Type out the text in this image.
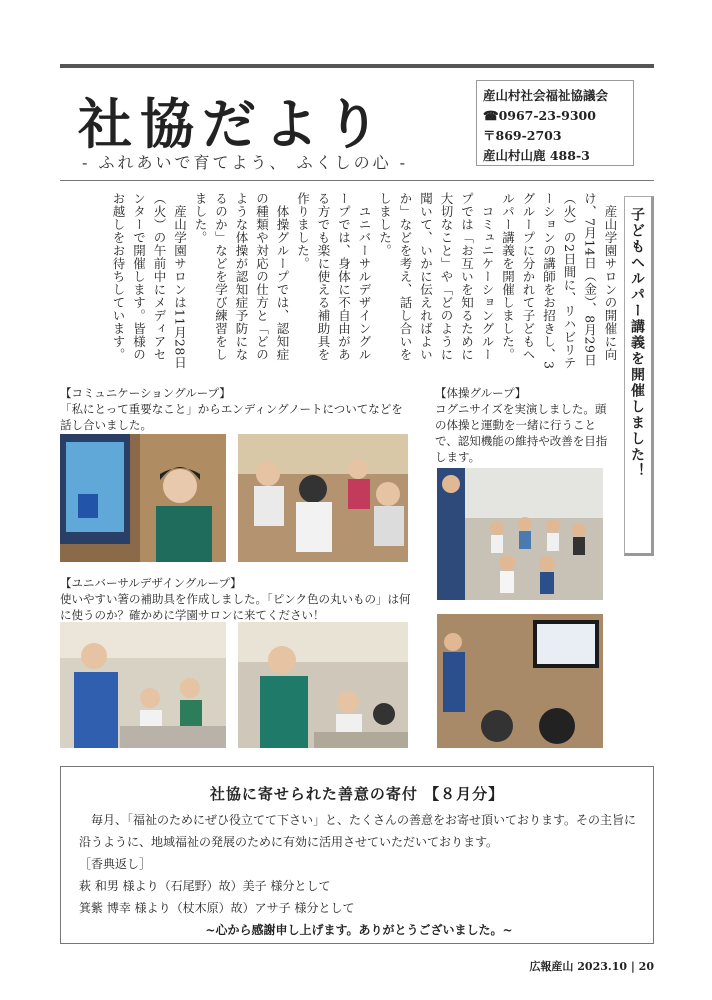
社協だより
- ふれあいで育てよう、 ふくしの心 -
産山村社会福祉協議会
☎0967-23-9300
〒869-2703
産山村山鹿 488-3

産山学園サロンの開催に向け、7月14日（金）、8月29日（火）の2日間に、リハビリテーションの講師をお招きし、3グループに分かれて子どもヘルパー講義を開催しました。

コミュニケーショングループでは「お互いを知るために大切なこと」や「どのように聞いて、いかに伝えればよいか」などを考え、話し合いをしました。

ユニバーサルデザイングループでは、身体に不自由がある方でも楽に使える補助具を作りました。

体操グループでは、認知症の種類や対応の仕方と「どのような体操が認知症予防になるのか」などを学び練習をしました。

産山学園サロンは11月28日（火）の午前中にメディアセンターで開催します。皆様のお越しをお待ちしています。	子どもヘルパー講義を開催しました！
【コミュニケーショングループ】
「私にとって重要なこと」からエンディングノートについてなどを話し合いました。
【体操グループ】
コグニサイズを実演しました。頭の体操と運動を一緒に行うことで、認知機能の維持や改善を目指します。
【ユニバーサルデザイングループ】
使いやすい箸の補助具を作成しました。「ピンク色の丸いもの」は何に使うのか？確かめに学園サロンに来てください！
社協に寄せられた善意の寄付 【８月分】

毎月、「福祉のためにぜひ役立てて下さい」と、たくさんの善意をお寄せ頂いております。その主旨に沿うように、地域福祉の発展のために有効に活用させていただいております。

［香典返し］

萩 和男 様より（石尾野）故）美子 様分として

箕紫 博幸 様より（杖木原）故）アサ子 様分として

~心から感謝申し上げます。ありがとうございました。~

広報産山 2023.10 | 20
